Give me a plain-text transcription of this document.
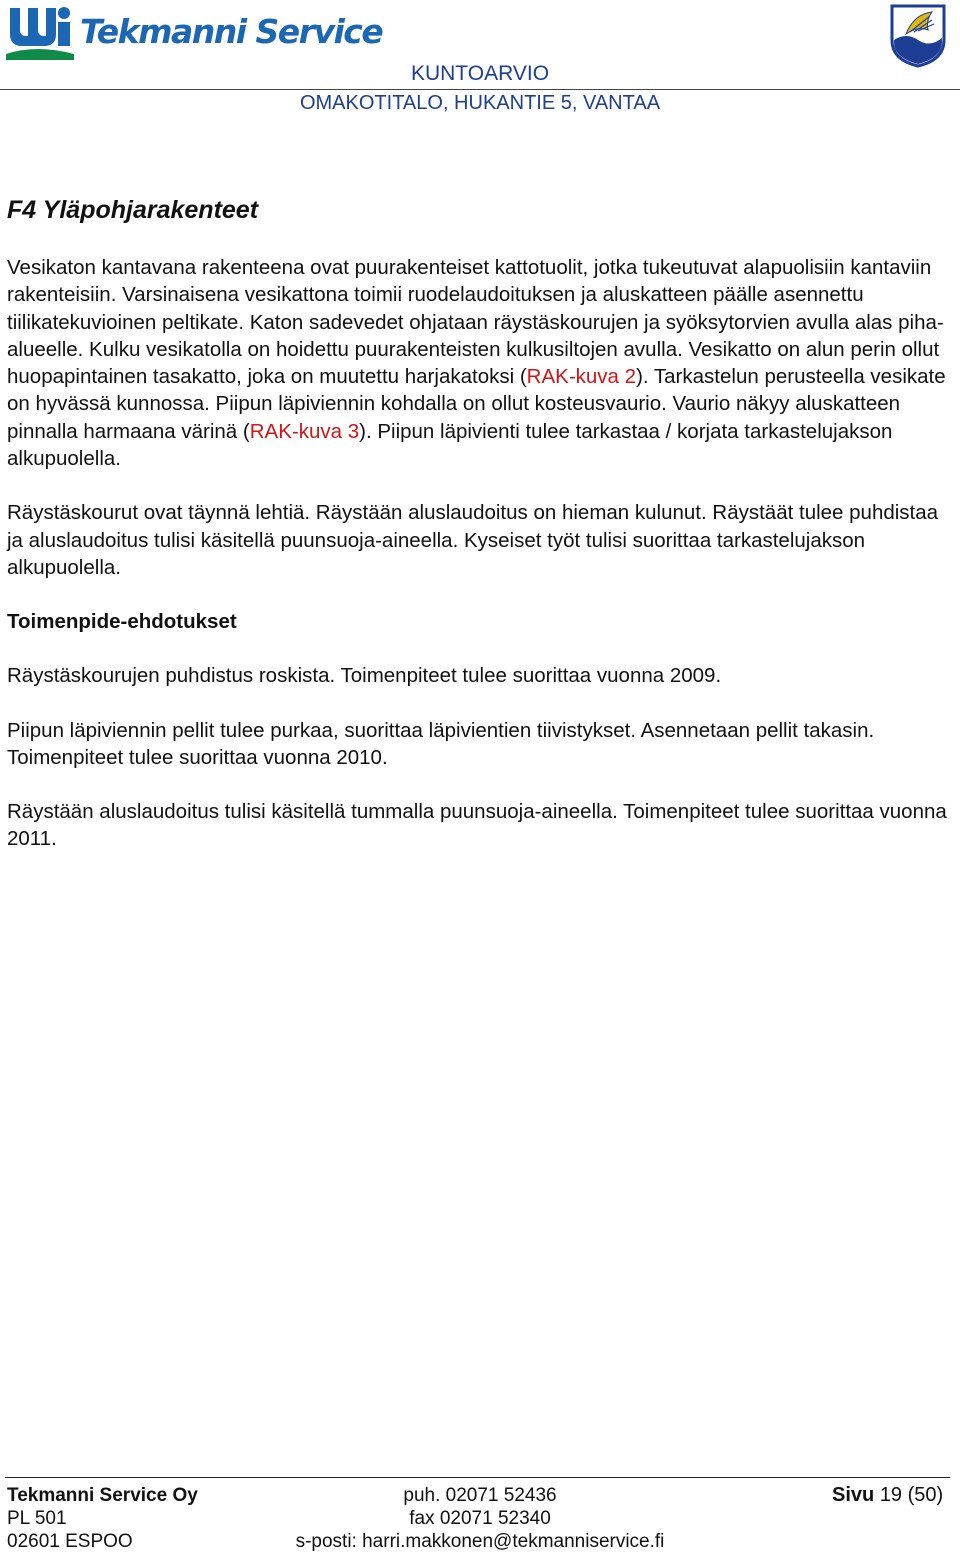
Tekmanni Service
KUNTOARVIO
OMAKOTITALO, HUKANTIE 5, VANTAA
F4 Yläpohjarakenteet

Vesikaton kantavana rakenteena ovat puurakenteiset kattotuolit, jotka tukeutuvat alapuolisiin kantaviin rakenteisiin. Varsinaisena vesikattona toimii ruodelaudoituksen ja aluskatteen päälle asennettu tiilikatekuvioinen peltikate. Katon sadevedet ohjataan räystäskourujen ja syöksytorvien avulla alas piha-alueelle. Kulku vesikatolla on hoidettu puurakenteisten kulkusiltojen avulla. Vesikatto on alun perin ollut huopapintainen tasakatto, joka on muutettu harjakatoksi (RAK-kuva 2). Tarkastelun perusteella vesikate on hyvässä kunnossa. Piipun läpiviennin kohdalla on ollut kosteusvaurio. Vaurio näkyy aluskatteen pinnalla harmaana värinä (RAK-kuva 3). Piipun läpivienti tulee tarkastaa / korjata tarkastelujakson alkupuolella.

Räystäskourut ovat täynnä lehtiä. Räystään aluslaudoitus on hieman kulunut. Räystäät tulee puhdistaa ja aluslaudoitus tulisi käsitellä puunsuoja-aineella. Kyseiset työt tulisi suorittaa tarkastelujakson alkupuolella.

Toimenpide-ehdotukset

Räystäskourujen puhdistus roskista. Toimenpiteet tulee suorittaa vuonna 2009.

Piipun läpiviennin pellit tulee purkaa, suorittaa läpivientien tiivistykset. Asennetaan pellit takasin. Toimenpiteet tulee suorittaa vuonna 2010.

Räystään aluslaudoitus tulisi käsitellä tummalla puunsuoja-aineella. Toimenpiteet tulee suorittaa vuonna 2011.

Tekmanni Service Oy
PL 501
02601 ESPOO
puh. 02071 52436
fax 02071 52340
s-posti: harri.makkonen@tekmanniservice.fi
Sivu 19 (50)
